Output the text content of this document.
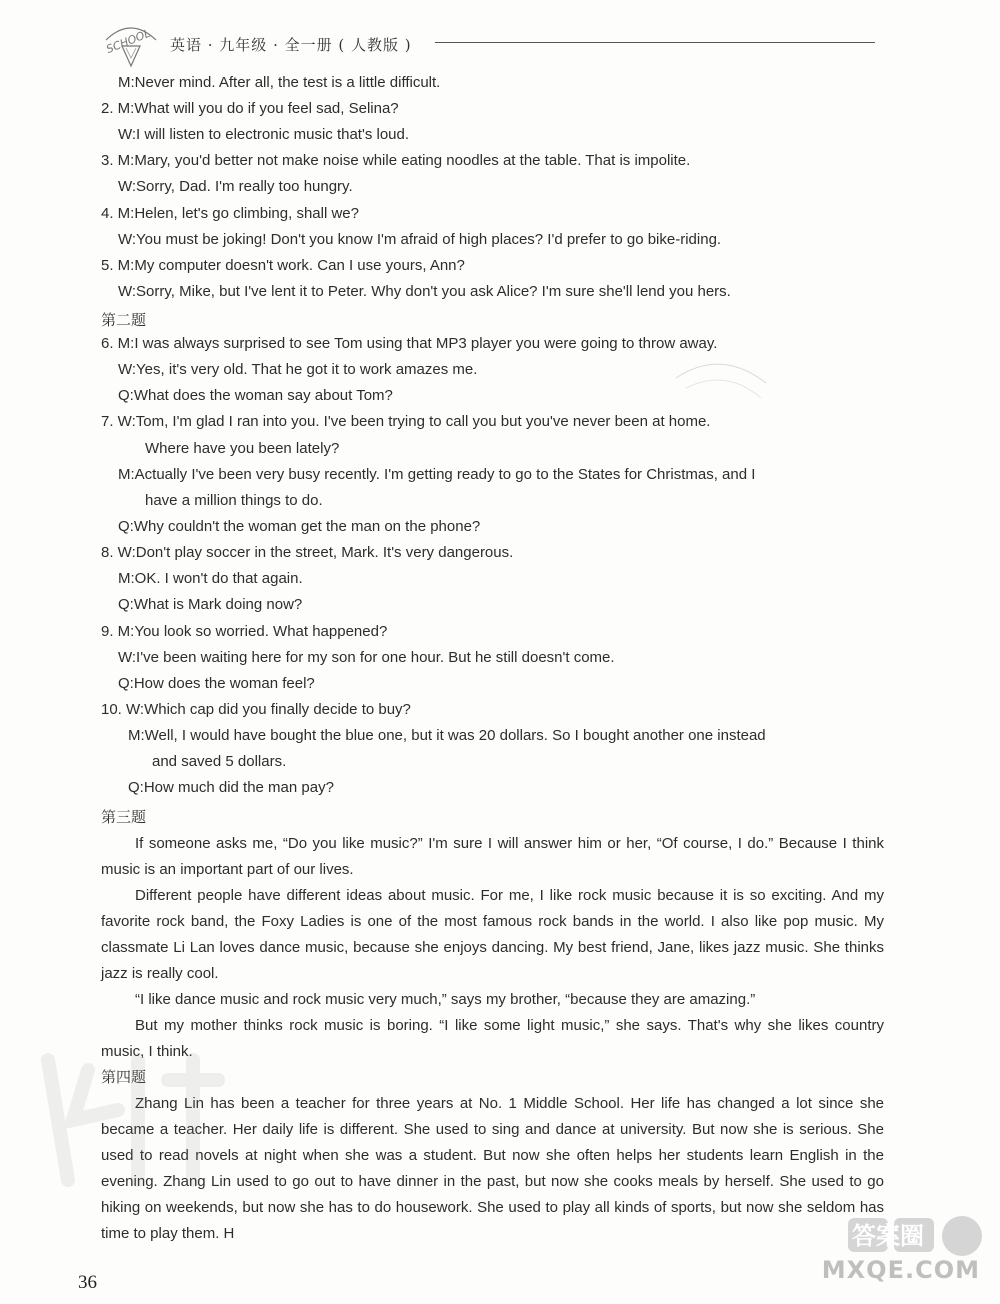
SCHOOL 英语 · 九年级 · 全一册 ( 人教版 )
M:Never mind. After all, the test is a little difficult.
2. M:What will you do if you feel sad, Selina?
W:I will listen to electronic music that's loud.
3. M:Mary, you'd better not make noise while eating noodles at the table. That is impolite.
W:Sorry, Dad. I'm really too hungry.
4. M:Helen, let's go climbing, shall we?
W:You must be joking! Don't you know I'm afraid of high places? I'd prefer to go bike-riding.
5. M:My computer doesn't work. Can I use yours, Ann?
W:Sorry, Mike, but I've lent it to Peter. Why don't you ask Alice? I'm sure she'll lend you hers.
第二题
6. M:I was always surprised to see Tom using that MP3 player you were going to throw away.
W:Yes, it's very old. That he got it to work amazes me.
Q:What does the woman say about Tom?
7. W:Tom, I'm glad I ran into you. I've been trying to call you but you've never been at home.
Where have you been lately?
M:Actually I've been very busy recently. I'm getting ready to go to the States for Christmas, and I
have a million things to do.
Q:Why couldn't the woman get the man on the phone?
8. W:Don't play soccer in the street, Mark. It's very dangerous.
M:OK. I won't do that again.
Q:What is Mark doing now?
9. M:You look so worried. What happened?
W:I've been waiting here for my son for one hour. But he still doesn't come.
Q:How does the woman feel?
10. W:Which cap did you finally decide to buy?
M:Well, I would have bought the blue one, but it was 20 dollars. So I bought another one instead
and saved 5 dollars.
Q:How much did the man pay?
第三题
If someone asks me, “Do you like music?” I'm sure I will answer him or her, “Of course, I do.” Because I think music is an important part of our lives.
Different people have different ideas about music. For me, I like rock music because it is so exciting. And my favorite rock band, the Foxy Ladies is one of the most famous rock bands in the world. I also like pop music. My classmate Li Lan loves dance music, because she enjoys dancing. My best friend, Jane, likes jazz music. She thinks jazz is really cool.
“I like dance music and rock music very much,” says my brother, “because they are amazing.”
But my mother thinks rock music is boring. “I like some light music,” she says. That's why she likes country music, I think.
第四题
Zhang Lin has been a teacher for three years at No. 1 Middle School. Her life has changed a lot since she became a teacher. Her daily life is different. She used to sing and dance at university. But now she is serious. She used to read novels at night when she was a student. But now she often helps her students learn English in the evening. Zhang Lin used to go out to have dinner in the past, but now she cooks meals by herself. She used to go hiking on weekends, but now she has to do housework. She used to play all kinds of sports, but now she seldom has time to play them. H
36
答案圈
MXQE.COM
